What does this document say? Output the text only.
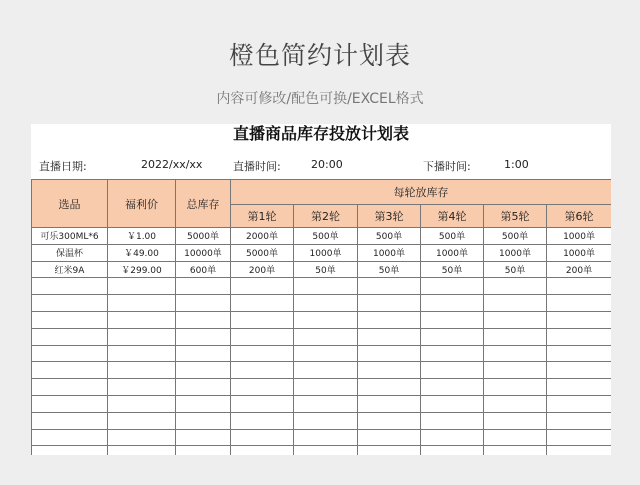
橙色简约计划表
内容可修改/配色可换/EXCEL格式
直播商品库存投放计划表
直播日期:	2022/xx/xx	直播时间:	20:00	下播时间:	1:00
选品	福利价	总库存	每轮放库存					
			第1轮	第2轮	第3轮	第4轮	第5轮	第6轮
可乐300ML*6	￥1.00	5000单	2000单	500单	500单	500单	500单	1000单
保温杯	￥49.00	10000单	5000单	1000单	1000单	1000单	1000单	1000单
红米9A	￥299.00	600单	200单	50单	50单	50单	50单	200单
